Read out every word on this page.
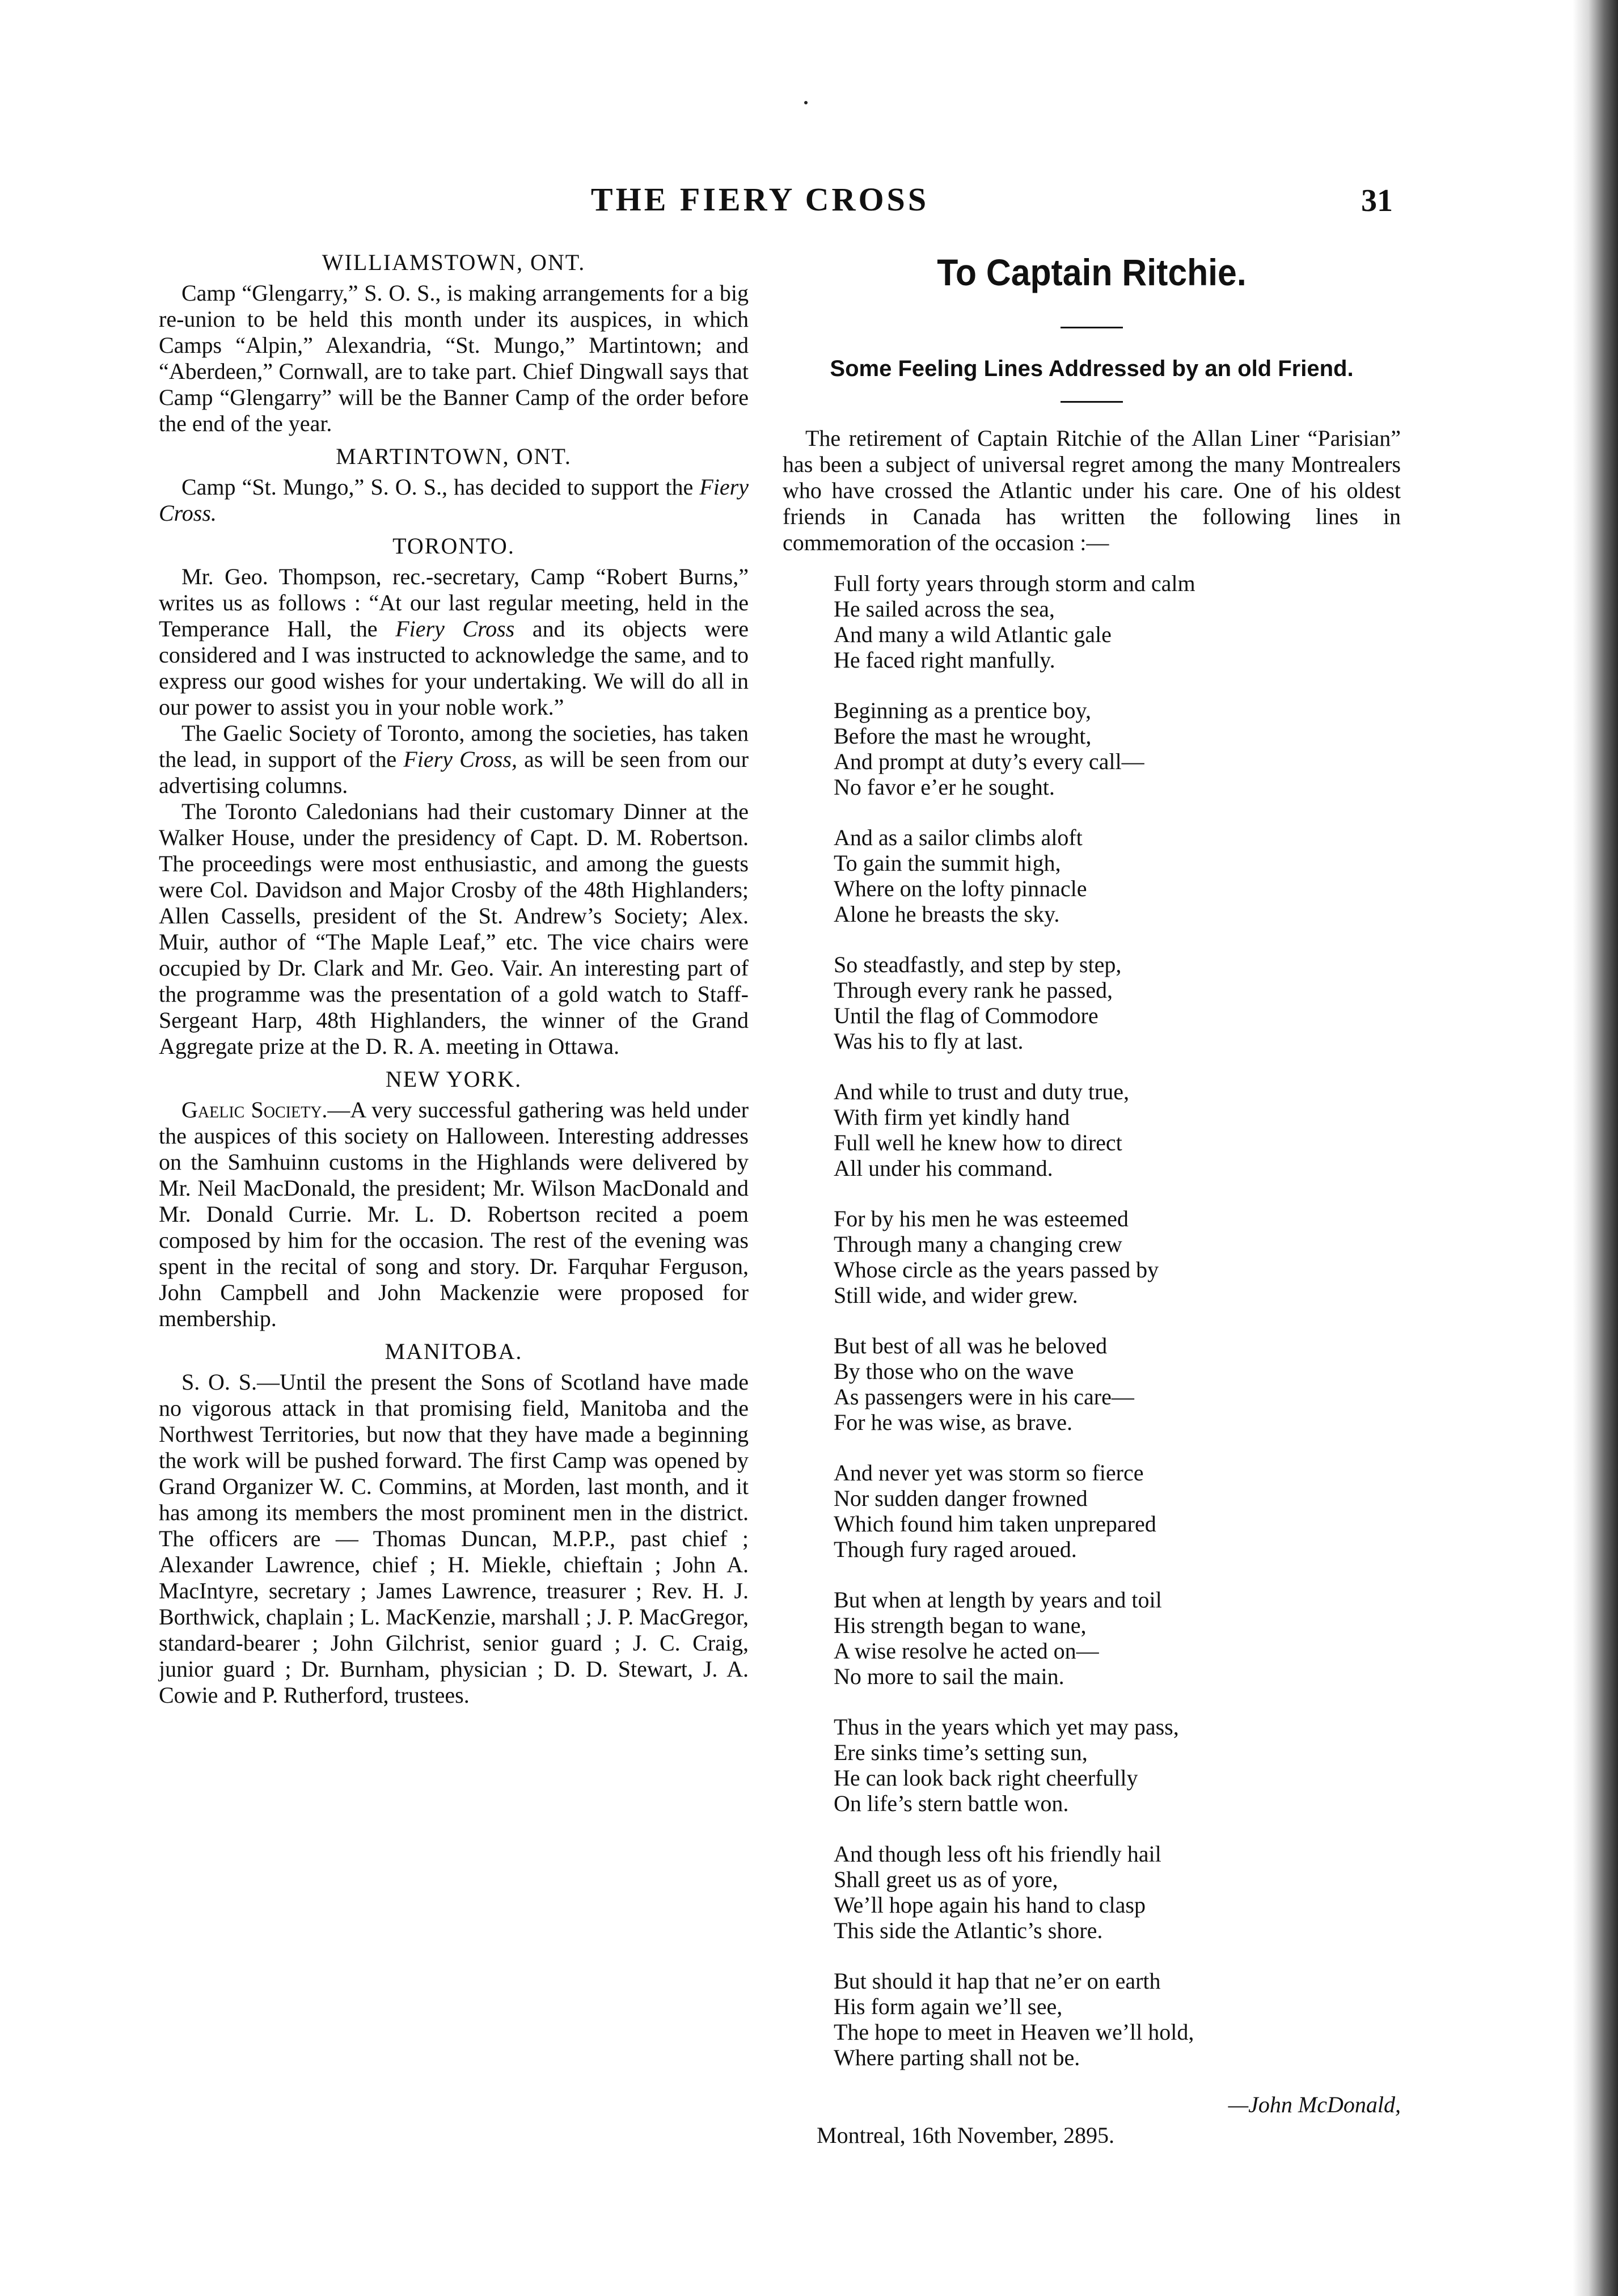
THE FIERY CROSS	31
WILLIAMSTOWN, ONT.

Camp “Glengarry,” S. O. S., is making arrangements for a big re-union to be held this month under its auspices, in which Camps “Alpin,” Alexandria, “St. Mungo,” Martintown; and “Aberdeen,” Cornwall, are to take part. Chief Dingwall says that Camp “Glengarry” will be the Banner Camp of the order before the end of the year.

MARTINTOWN, ONT.

Camp “St. Mungo,” S. O. S., has decided to support the Fiery Cross.

TORONTO.

Mr. Geo. Thompson, rec.-secretary, Camp “Robert Burns,” writes us as follows : “At our last regular meeting, held in the Temperance Hall, the Fiery Cross and its objects were considered and I was instructed to acknowledge the same, and to express our good wishes for your undertaking. We will do all in our power to assist you in your noble work.”

The Gaelic Society of Toronto, among the societies, has taken the lead, in support of the Fiery Cross, as will be seen from our advertising columns.

The Toronto Caledonians had their customary Dinner at the Walker House, under the presidency of Capt. D. M. Robertson. The proceedings were most enthusiastic, and among the guests were Col. Davidson and Major Crosby of the 48th Highlanders; Allen Cassells, president of the St. Andrew’s Society; Alex. Muir, author of “The Maple Leaf,” etc. The vice chairs were occupied by Dr. Clark and Mr. Geo. Vair. An interesting part of the programme was the presentation of a gold watch to Staff-Sergeant Harp, 48th Highlanders, the winner of the Grand Aggregate prize at the D. R. A. meeting in Ottawa.

NEW YORK.

Gaelic Society.—A very successful gathering was held under the auspices of this society on Halloween. Interesting addresses on the Samhuinn customs in the Highlands were delivered by Mr. Neil MacDonald, the president; Mr. Wilson MacDonald and Mr. Donald Currie. Mr. L. D. Robertson recited a poem composed by him for the occasion. The rest of the evening was spent in the recital of song and story. Dr. Farquhar Ferguson, John Campbell and John Mackenzie were proposed for membership.

MANITOBA.

S. O. S.—Until the present the Sons of Scotland have made no vigorous attack in that promising field, Manitoba and the Northwest Territories, but now that they have made a beginning the work will be pushed forward. The first Camp was opened by Grand Organizer W. C. Commins, at Morden, last month, and it has among its members the most prominent men in the district. The officers are — Thomas Duncan, M.P.P., past chief ; Alexander Lawrence, chief ; H. Miekle, chieftain ; John A. MacIntyre, secretary ; James Lawrence, treasurer ; Rev. H. J. Borthwick, chaplain ; L. MacKenzie, marshall ; J. P. MacGregor, standard-bearer ; John Gilchrist, senior guard ; J. C. Craig, junior guard ; Dr. Burnham, physician ; D. D. Stewart, J. A. Cowie and P. Rutherford, trustees.

To Captain Ritchie.

Some Feeling Lines Addressed by an old Friend.

The retirement of Captain Ritchie of the Allan Liner “Parisian” has been a subject of universal regret among the many Montrealers who have crossed the Atlantic under his care. One of his oldest friends in Canada has written the following lines in commemoration of the occasion :—

Full forty years through storm and calm
He sailed across the sea,
And many a wild Atlantic gale
He faced right manfully.
Beginning as a prentice boy,
Before the mast he wrought,
And prompt at duty’s every call—
No favor e’er he sought.
And as a sailor climbs aloft
To gain the summit high,
Where on the lofty pinnacle
Alone he breasts the sky.
So steadfastly, and step by step,
Through every rank he passed,
Until the flag of Commodore
Was his to fly at last.
And while to trust and duty true,
With firm yet kindly hand
Full well he knew how to direct
All under his command.
For by his men he was esteemed
Through many a changing crew
Whose circle as the years passed by
Still wide, and wider grew.
But best of all was he beloved
By those who on the wave
As passengers were in his care—
For he was wise, as brave.
And never yet was storm so fierce
Nor sudden danger frowned
Which found him taken unprepared
Though fury raged aroued.
But when at length by years and toil
His strength began to wane,
A wise resolve he acted on—
No more to sail the main.
Thus in the years which yet may pass,
Ere sinks time’s setting sun,
He can look back right cheerfully
On life’s stern battle won.
And though less oft his friendly hail
Shall greet us as of yore,
We’ll hope again his hand to clasp
This side the Atlantic’s shore.
But should it hap that ne’er on earth
His form again we’ll see,
The hope to meet in Heaven we’ll hold,
Where parting shall not be.
—John McDonald,
Montreal, 16th November, 2895.
